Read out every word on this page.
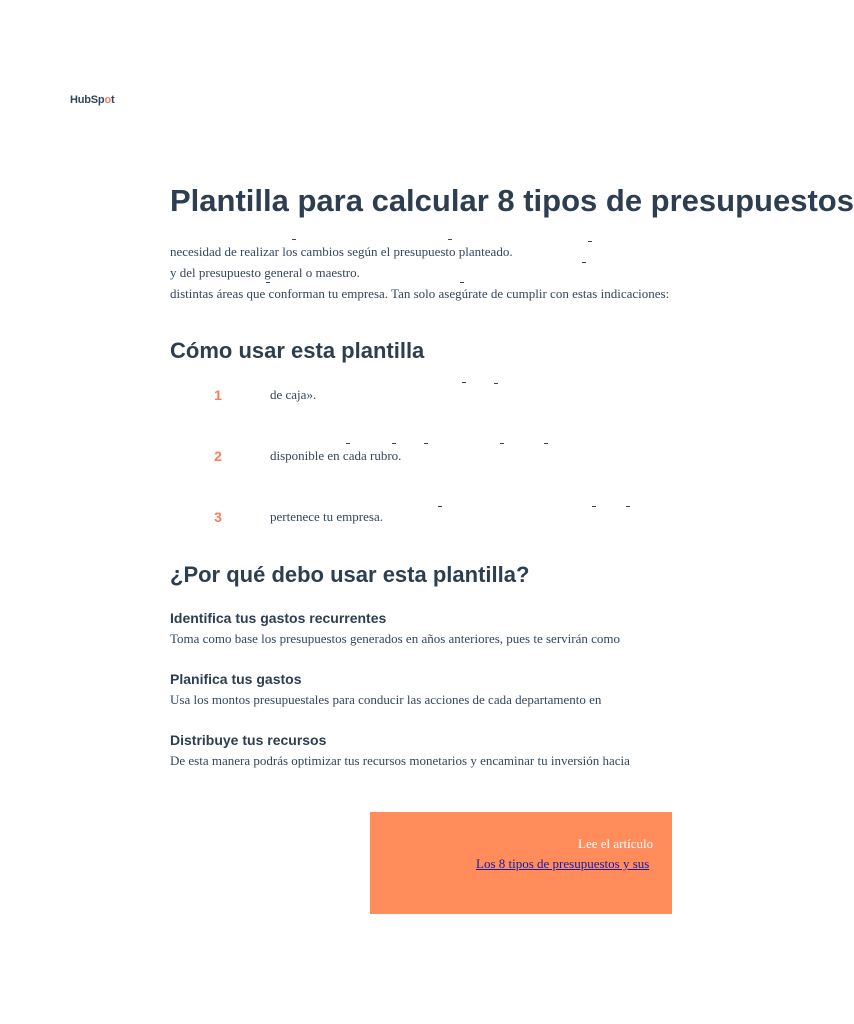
HubSpot
Plantilla para calcular 8 tipos de presupuestos
necesidad de realizar los cambios según el presupuesto planteado.
y del presupuesto general o maestro.
distintas áreas que conforman tu empresa. Tan solo asegúrate de cumplir con estas indicaciones:
Cómo usar esta plantilla
1	de caja».
2	disponible en cada rubro.
3	pertenece tu empresa.
¿Por qué debo usar esta plantilla?
Identifica tus gastos recurrentes
Toma como base los presupuestos generados en años anteriores, pues te servirán como
Planifica tus gastos
Usa los montos presupuestales para conducir las acciones de cada departamento en
Distribuye tus recursos
De esta manera podrás optimizar tus recursos monetarios y encaminar tu inversión hacia
Lee el artículo
Los 8 tipos de presupuestos y sus
